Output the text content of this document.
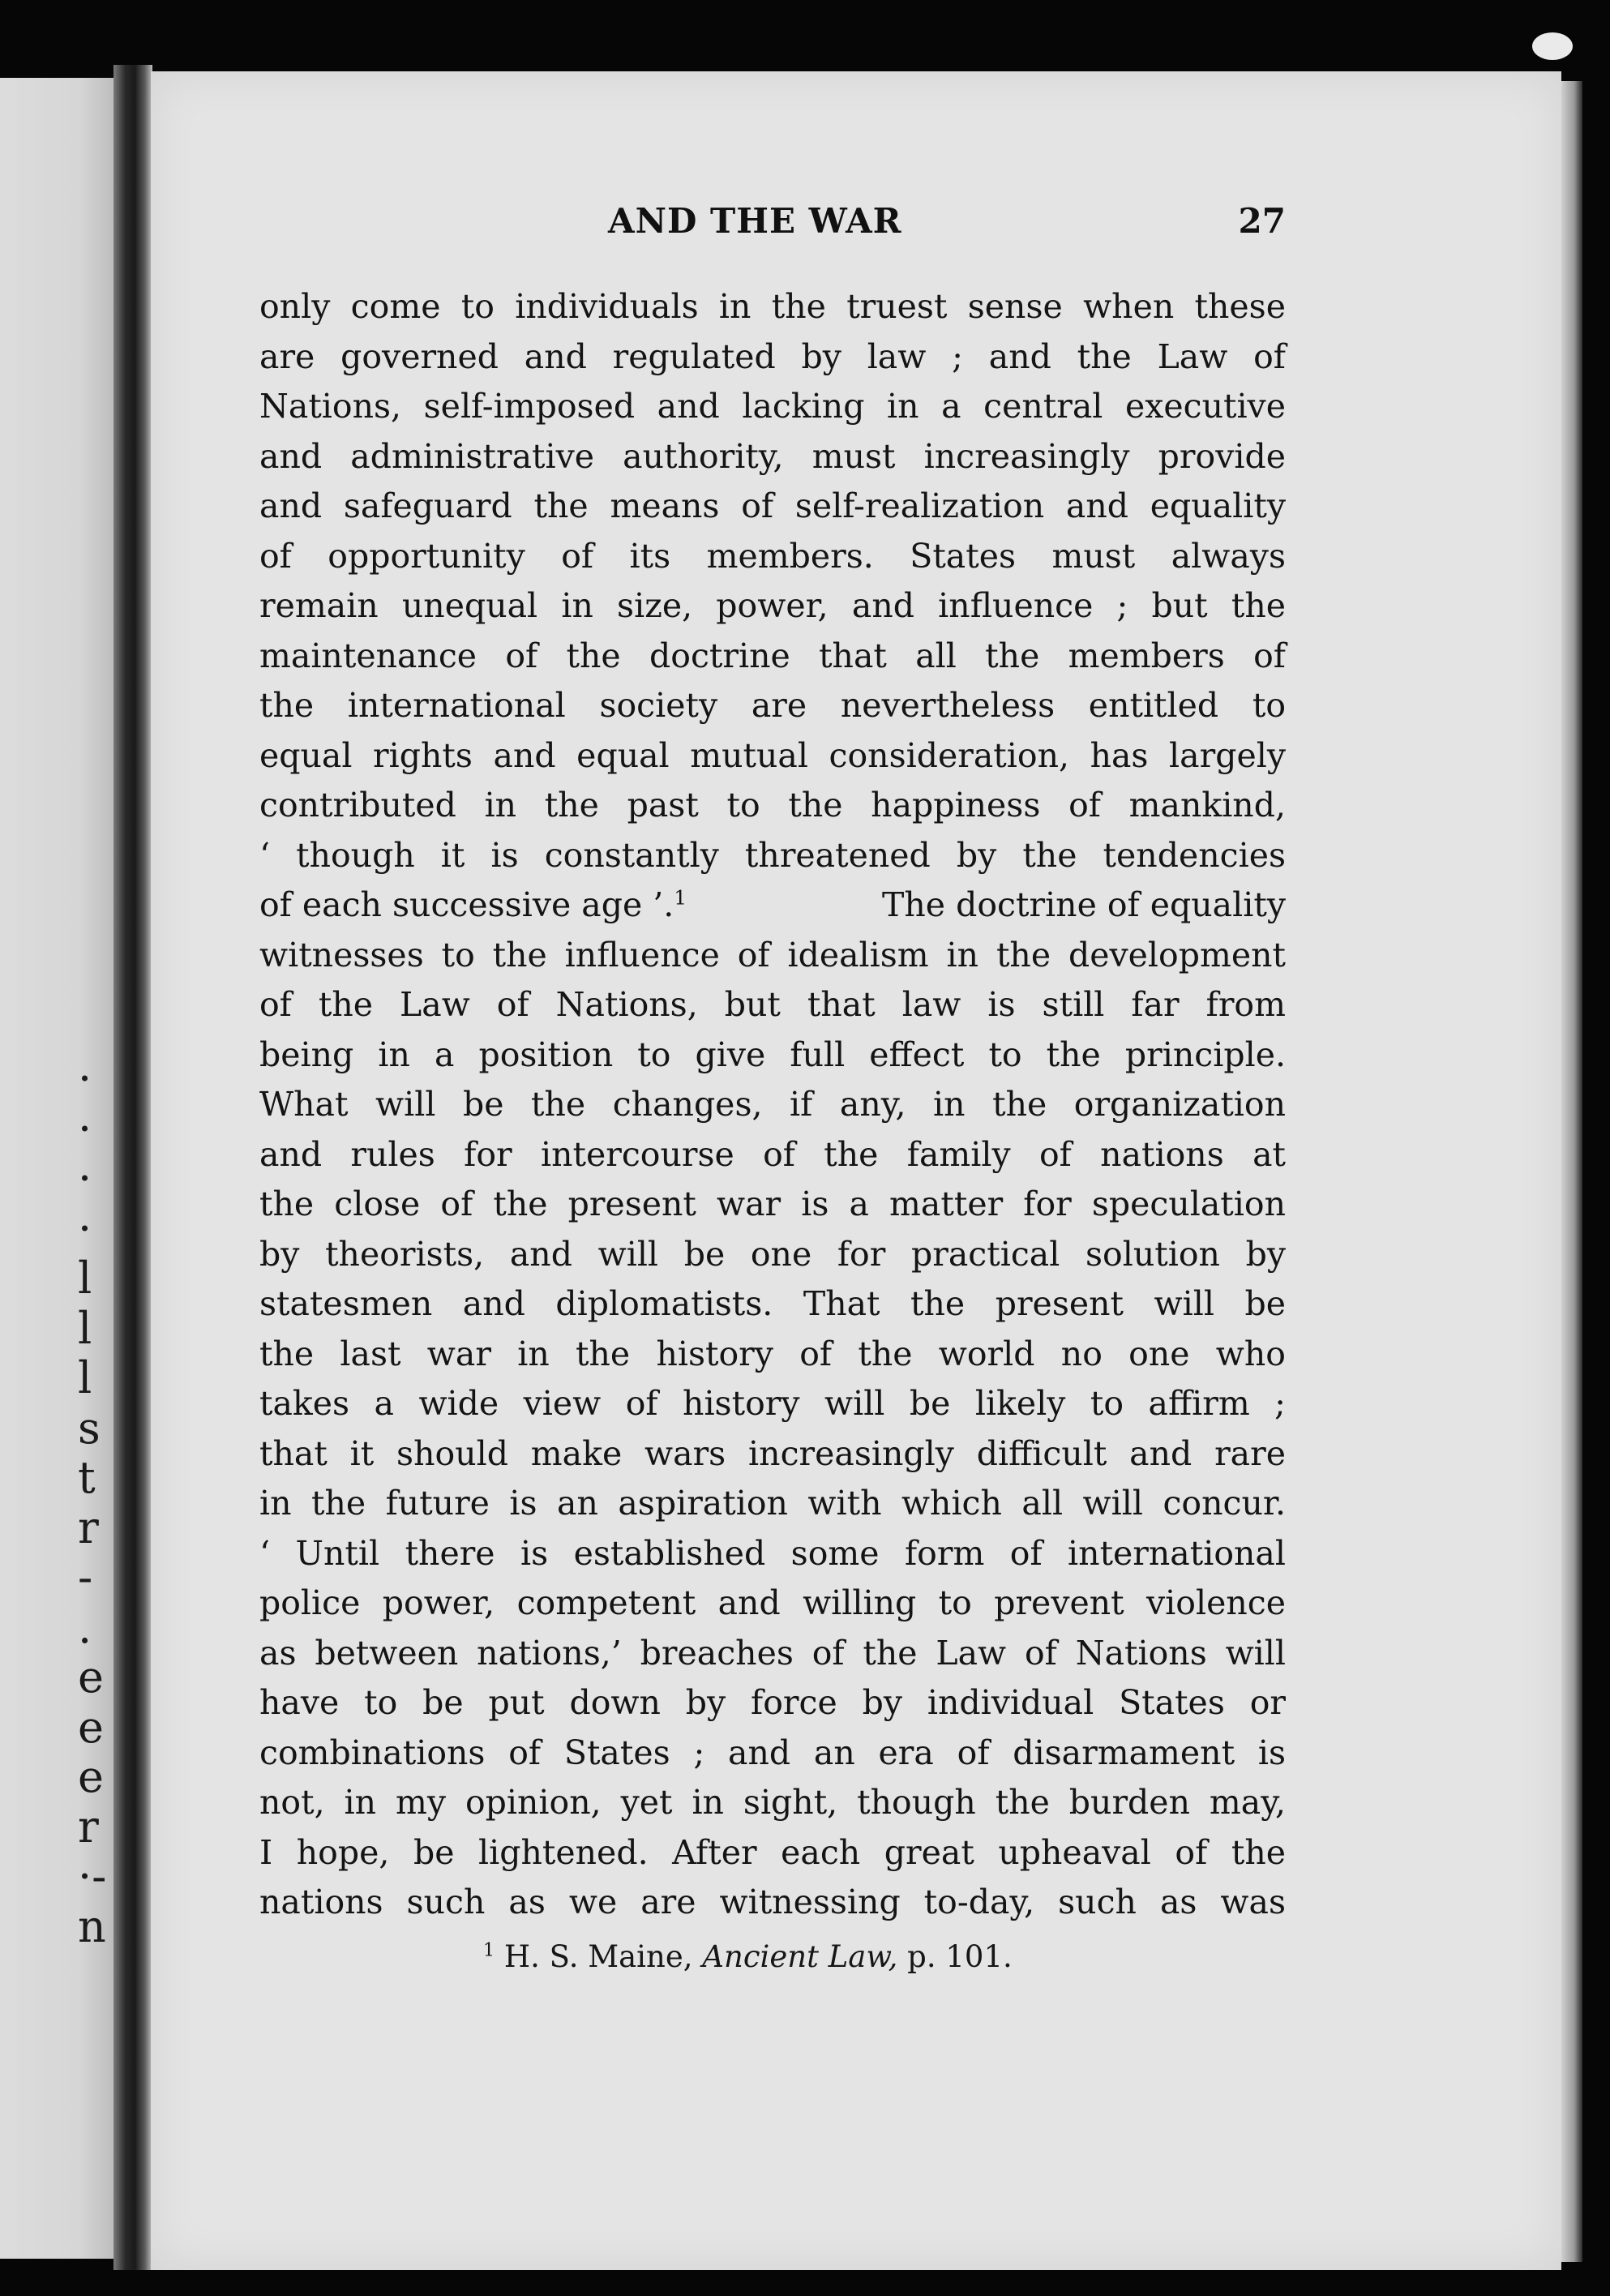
·
·
·
·
l
l
l
s
t
r
-
.
e
e
e
r
·-
n
AND THE WAR	27
only come to individuals in the truest sense when these
are governed and regulated by law ; and the Law of
Nations, self-imposed and lacking in a central executive
and administrative authority, must increasingly provide
and safeguard the means of self-realization and equality
of opportunity of its members. States must always
remain unequal in size, power, and influence ; but the
maintenance of the doctrine that all the members of
the international society are nevertheless entitled to
equal rights and equal mutual consideration, has largely
contributed in the past to the happiness of mankind,
‘ though it is constantly threatened by the tendencies
of each successive age ’.$^1$	The doctrine of equality
witnesses to the influence of idealism in the development
of the Law of Nations, but that law is still far from
being in a position to give full effect to the principle.
What will be the changes, if any, in the organization
and rules for intercourse of the family of nations at
the close of the present war is a matter for speculation
by theorists, and will be one for practical solution by
statesmen and diplomatists. That the present will be
the last war in the history of the world no one who
takes a wide view of history will be likely to affirm ;
that it should make wars increasingly difficult and rare
in the future is an aspiration with which all will concur.
‘ Until there is established some form of international
police power, competent and willing to prevent violence
as between nations,’ breaches of the Law of Nations will
have to be put down by force by individual States or
combinations of States ; and an era of disarmament is
not, in my opinion, yet in sight, though the burden may,
I hope, be lightened. After each great upheaval of the
nations such as we are witnessing to-day, such as was
$^1$ H. S. Maine, Ancient Law, p. 101.
